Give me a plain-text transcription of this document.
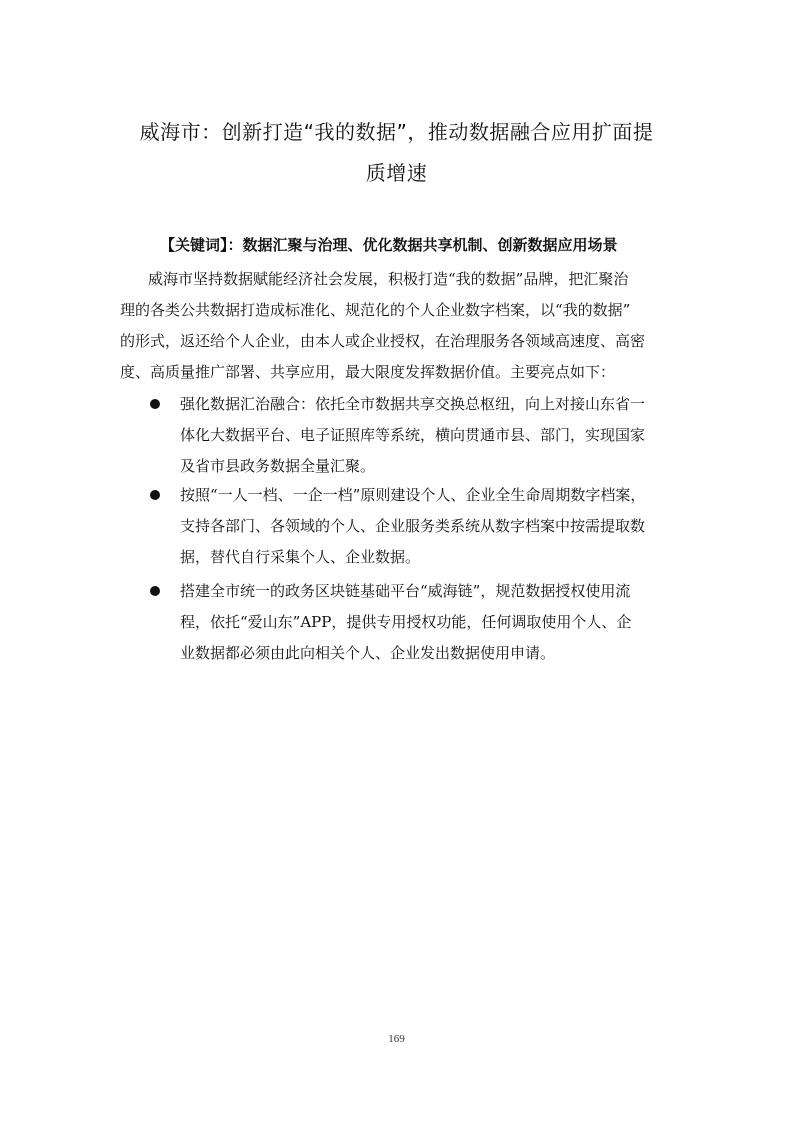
威海市：创新打造“我的数据”，推动数据融合应用扩面提
质增速
【关键词】：数据汇聚与治理、优化数据共享机制、创新数据应用场景
威海市坚持数据赋能经济社会发展，积极打造“我的数据”品牌，把汇聚治
理的各类公共数据打造成标准化、规范化的个人企业数字档案，以“我的数据”
的形式，返还给个人企业，由本人或企业授权，在治理服务各领域高速度、高密
度、高质量推广部署、共享应用，最大限度发挥数据价值。主要亮点如下：
强化数据汇治融合：依托全市数据共享交换总枢纽，向上对接山东省一
体化大数据平台、电子证照库等系统，横向贯通市县、部门，实现国家
及省市县政务数据全量汇聚。
按照“一人一档、一企一档”原则建设个人、企业全生命周期数字档案，
支持各部门、各领域的个人、企业服务类系统从数字档案中按需提取数
据，替代自行采集个人、企业数据。
搭建全市统一的政务区块链基础平台“威海链”，规范数据授权使用流
程，依托“爱山东”APP，提供专用授权功能，任何调取使用个人、企
业数据都必须由此向相关个人、企业发出数据使用申请。
169
